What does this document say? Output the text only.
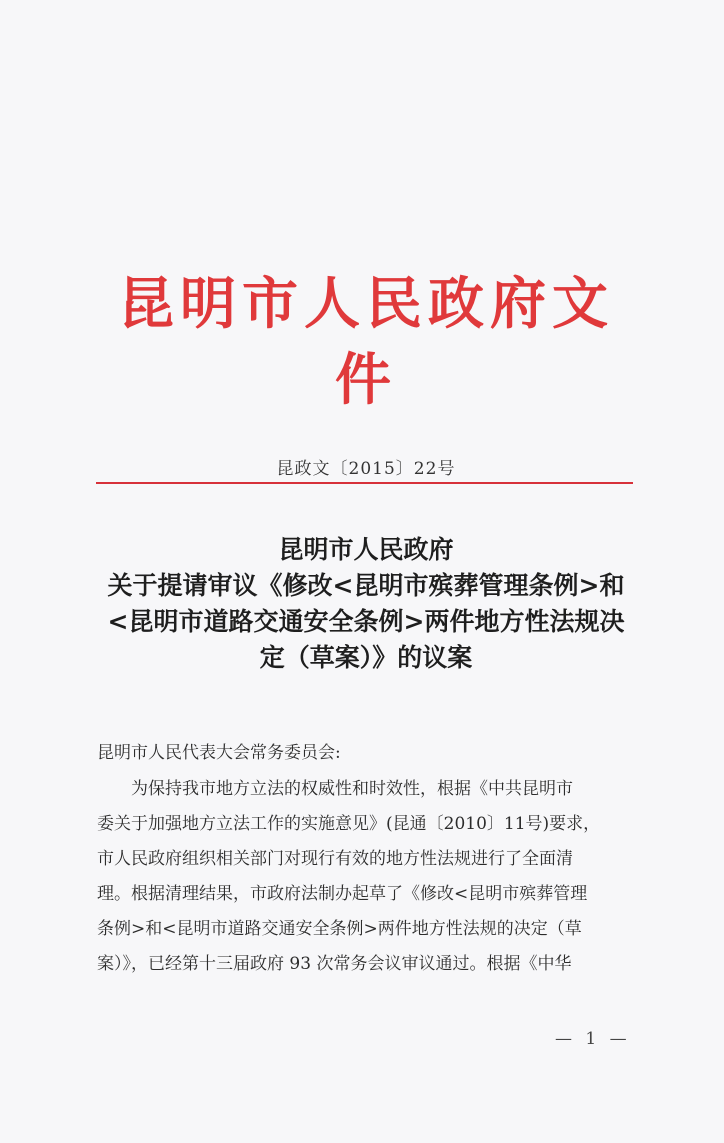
昆明市人民政府文件
昆政文〔2015〕22号
昆明市人民政府
关于提请审议《修改<昆明市殡葬管理条例>和
<昆明市道路交通安全条例>两件地方性法规决
定（草案）》的议案
昆明市人民代表大会常务委员会:
为保持我市地方立法的权威性和时效性，根据《中共昆明市
委关于加强地方立法工作的实施意见》(昆通〔2010〕11号)要求，
市人民政府组织相关部门对现行有效的地方性法规进行了全面清
理。根据清理结果，市政府法制办起草了《修改<昆明市殡葬管理
条例>和<昆明市道路交通安全条例>两件地方性法规的决定（草
案）》，已经第十三届政府 93 次常务会议审议通过。根据《中华
— 1 —
